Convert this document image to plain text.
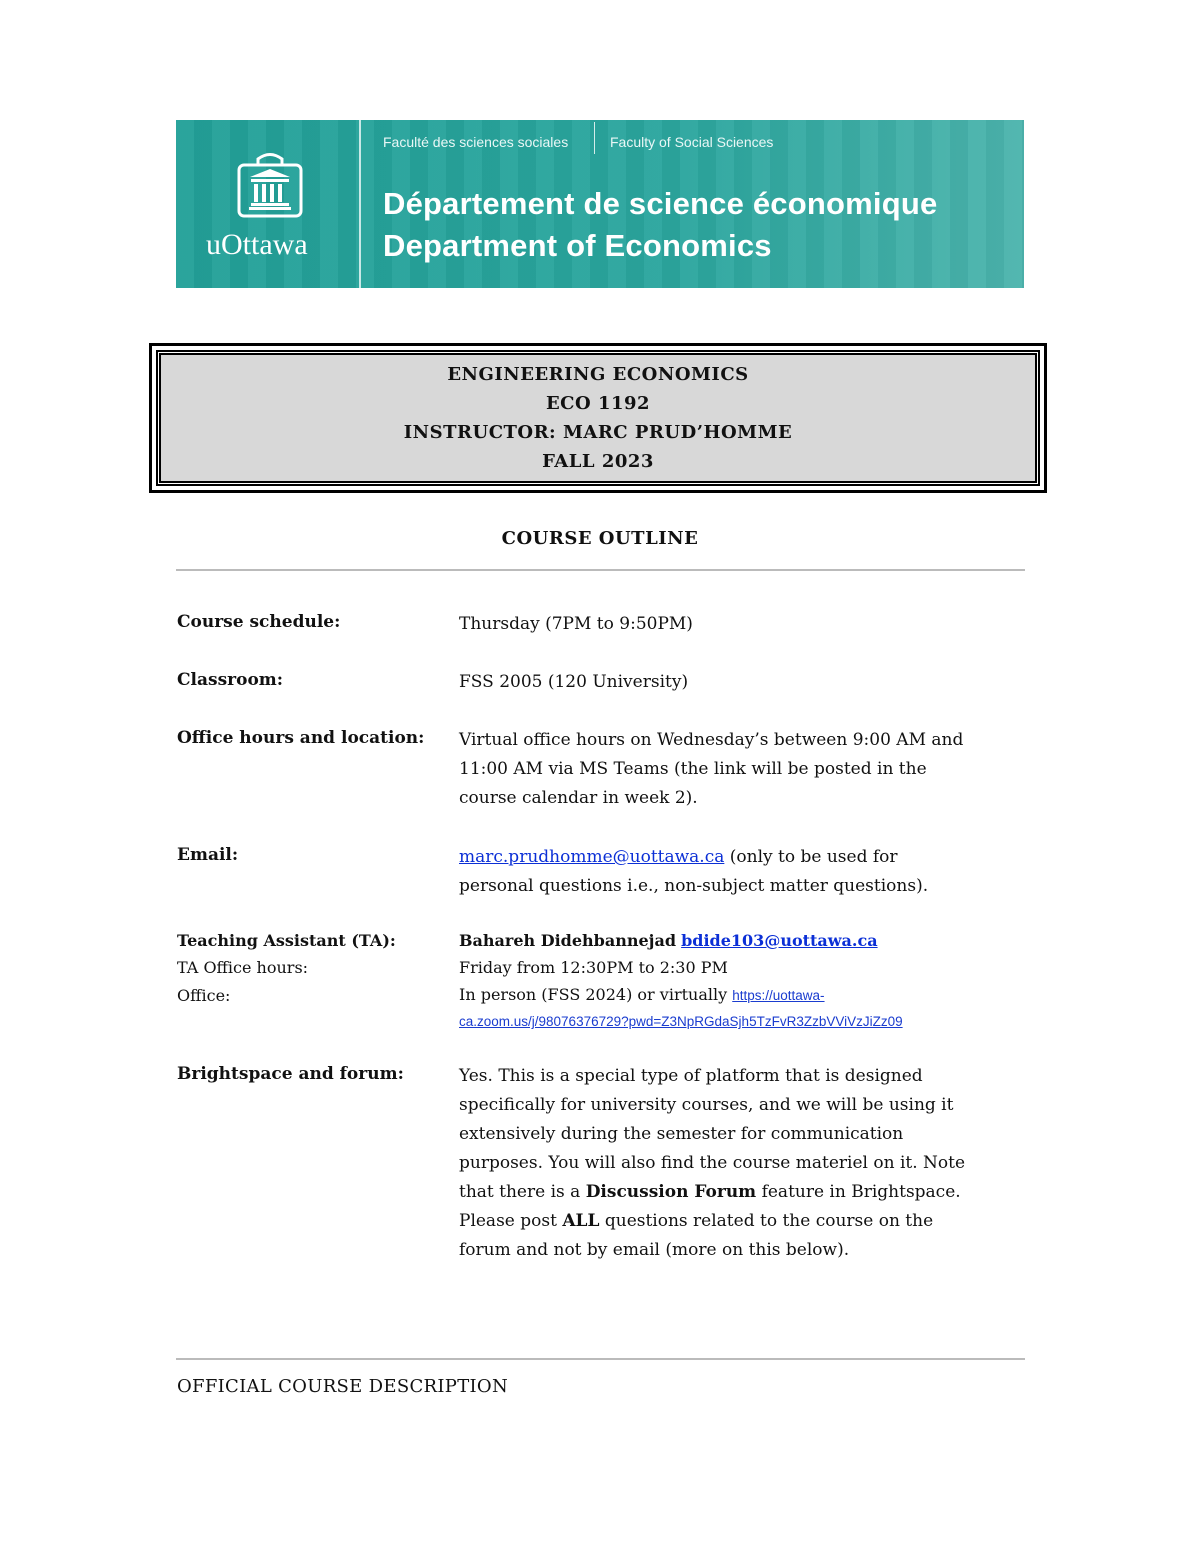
uOttawa
Faculté des sciences sociales	Faculty of Social Sciences
Département de science économique
Department of Economics
ENGINEERING ECONOMICS
ECO 1192
INSTRUCTOR: MARC PRUD’HOMME
FALL 2023
COURSE OUTLINE
Course schedule:	Thursday (7PM to 9:50PM)
Classroom:	FSS 2005 (120 University)
Office hours and location: Virtual office hours on Wednesday’s between 9:00 AM and
11:00 AM via MS Teams (the link will be posted in the
course calendar in week 2).
Email:	marc.prudhomme@uottawa.ca (only to be used for
personal questions i.e., non-subject matter questions).
Teaching Assistant (TA):	Bahareh Didehbannejad bdide103@uottawa.ca
TA Office hours:	Friday from 12:30PM to 2:30 PM
Office:	In person (FSS 2024) or virtually https://uottawa-
ca.zoom.us/j/98076376729?pwd=Z3NpRGdaSjh5TzFvR3ZzbVViVzJiZz09
Brightspace and forum:	Yes. This is a special type of platform that is designed
specifically for university courses, and we will be using it
extensively during the semester for communication
purposes. You will also find the course materiel on it. Note
that there is a Discussion Forum feature in Brightspace.
Please post ALL questions related to the course on the
forum and not by email (more on this below).
OFFICIAL COURSE DESCRIPTION
